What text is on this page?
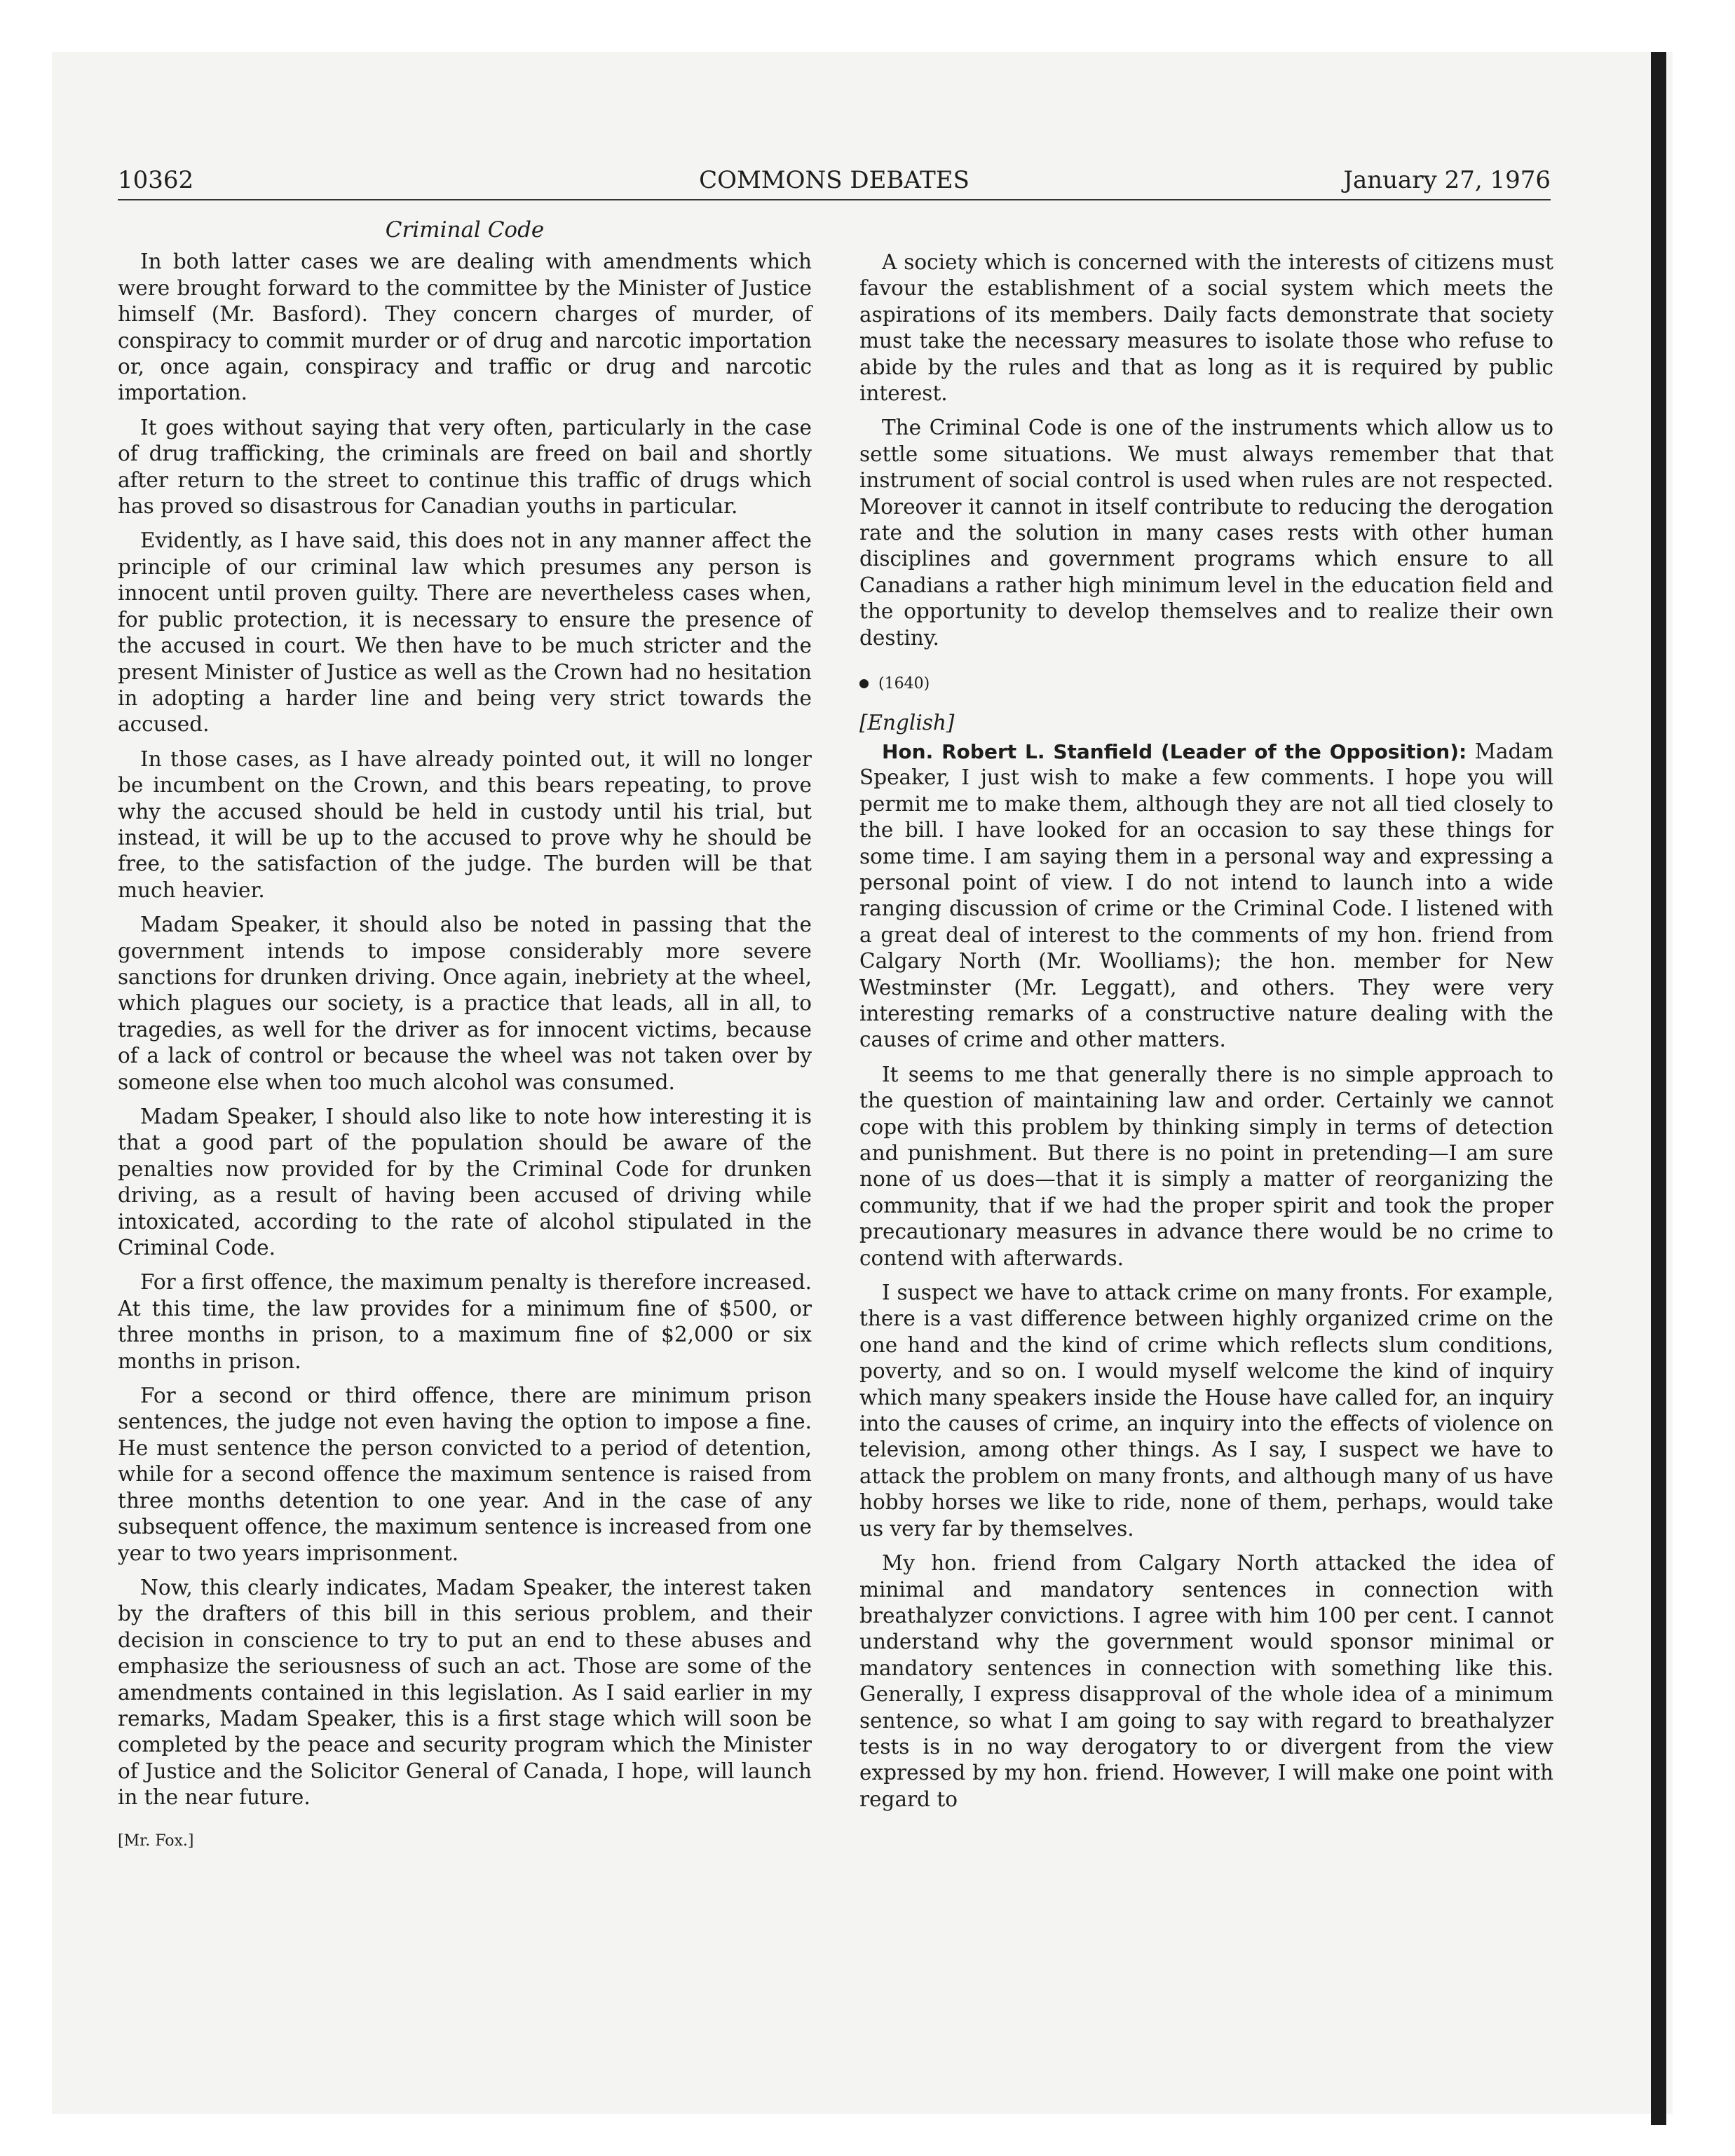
10362	COMMONS DEBATES	January 27, 1976
Criminal Code

In both latter cases we are dealing with amendments which were brought forward to the committee by the Minister of Justice himself (Mr. Basford). They concern charges of murder, of conspiracy to commit murder or of drug and narcotic importation or, once again, conspiracy and traffic or drug and narcotic importation.

It goes without saying that very often, particularly in the case of drug trafficking, the criminals are freed on bail and shortly after return to the street to continue this traffic of drugs which has proved so disastrous for Canadian youths in particular.

Evidently, as I have said, this does not in any manner affect the principle of our criminal law which presumes any person is innocent until proven guilty. There are nevertheless cases when, for public protection, it is necessary to ensure the presence of the accused in court. We then have to be much stricter and the present Minister of Justice as well as the Crown had no hesitation in adopting a harder line and being very strict towards the accused.

In those cases, as I have already pointed out, it will no longer be incumbent on the Crown, and this bears repeating, to prove why the accused should be held in custody until his trial, but instead, it will be up to the accused to prove why he should be free, to the satisfaction of the judge. The burden will be that much heavier.

Madam Speaker, it should also be noted in passing that the government intends to impose considerably more severe sanctions for drunken driving. Once again, inebriety at the wheel, which plagues our society, is a practice that leads, all in all, to tragedies, as well for the driver as for innocent victims, because of a lack of control or because the wheel was not taken over by someone else when too much alcohol was consumed.

Madam Speaker, I should also like to note how interesting it is that a good part of the population should be aware of the penalties now provided for by the Criminal Code for drunken driving, as a result of having been accused of driving while intoxicated, according to the rate of alcohol stipulated in the Criminal Code.

For a first offence, the maximum penalty is therefore increased. At this time, the law provides for a minimum fine of $500, or three months in prison, to a maximum fine of $2,000 or six months in prison.

For a second or third offence, there are minimum prison sentences, the judge not even having the option to impose a fine. He must sentence the person convicted to a period of detention, while for a second offence the maximum sentence is raised from three months detention to one year. And in the case of any subsequent offence, the maximum sentence is increased from one year to two years imprisonment.

Now, this clearly indicates, Madam Speaker, the interest taken by the drafters of this bill in this serious problem, and their decision in conscience to try to put an end to these abuses and emphasize the seriousness of such an act. Those are some of the amendments contained in this legislation. As I said earlier in my remarks, Madam Speaker, this is a first stage which will soon be completed by the peace and security program which the Minister of Justice and the Solicitor General of Canada, I hope, will launch in the near future.

[Mr. Fox.]

A society which is concerned with the interests of citizens must favour the establishment of a social system which meets the aspirations of its members. Daily facts demonstrate that society must take the necessary measures to isolate those who refuse to abide by the rules and that as long as it is required by public interest.

The Criminal Code is one of the instruments which allow us to settle some situations. We must always remember that that instrument of social control is used when rules are not respected. Moreover it cannot in itself contribute to reducing the derogation rate and the solution in many cases rests with other human disciplines and government programs which ensure to all Canadians a rather high minimum level in the education field and the opportunity to develop themselves and to realize their own destiny.

(1640)
[English]

Hon. Robert L. Stanfield (Leader of the Opposition): Madam Speaker, I just wish to make a few comments. I hope you will permit me to make them, although they are not all tied closely to the bill. I have looked for an occasion to say these things for some time. I am saying them in a personal way and expressing a personal point of view. I do not intend to launch into a wide ranging discussion of crime or the Criminal Code. I listened with a great deal of interest to the comments of my hon. friend from Calgary North (Mr. Woolliams); the hon. member for New Westminster (Mr. Leggatt), and others. They were very interesting remarks of a constructive nature dealing with the causes of crime and other matters.

It seems to me that generally there is no simple approach to the question of maintaining law and order. Certainly we cannot cope with this problem by thinking simply in terms of detection and punishment. But there is no point in pretending—I am sure none of us does—that it is simply a matter of reorganizing the community, that if we had the proper spirit and took the proper precautionary measures in advance there would be no crime to contend with afterwards.

I suspect we have to attack crime on many fronts. For example, there is a vast difference between highly organized crime on the one hand and the kind of crime which reflects slum conditions, poverty, and so on. I would myself welcome the kind of inquiry which many speakers inside the House have called for, an inquiry into the causes of crime, an inquiry into the effects of violence on television, among other things. As I say, I suspect we have to attack the problem on many fronts, and although many of us have hobby horses we like to ride, none of them, perhaps, would take us very far by themselves.

My hon. friend from Calgary North attacked the idea of minimal and mandatory sentences in connection with breathalyzer convictions. I agree with him 100 per cent. I cannot understand why the government would sponsor minimal or mandatory sentences in connection with something like this. Generally, I express disapproval of the whole idea of a minimum sentence, so what I am going to say with regard to breathalyzer tests is in no way derogatory to or divergent from the view expressed by my hon. friend. However, I will make one point with regard to
